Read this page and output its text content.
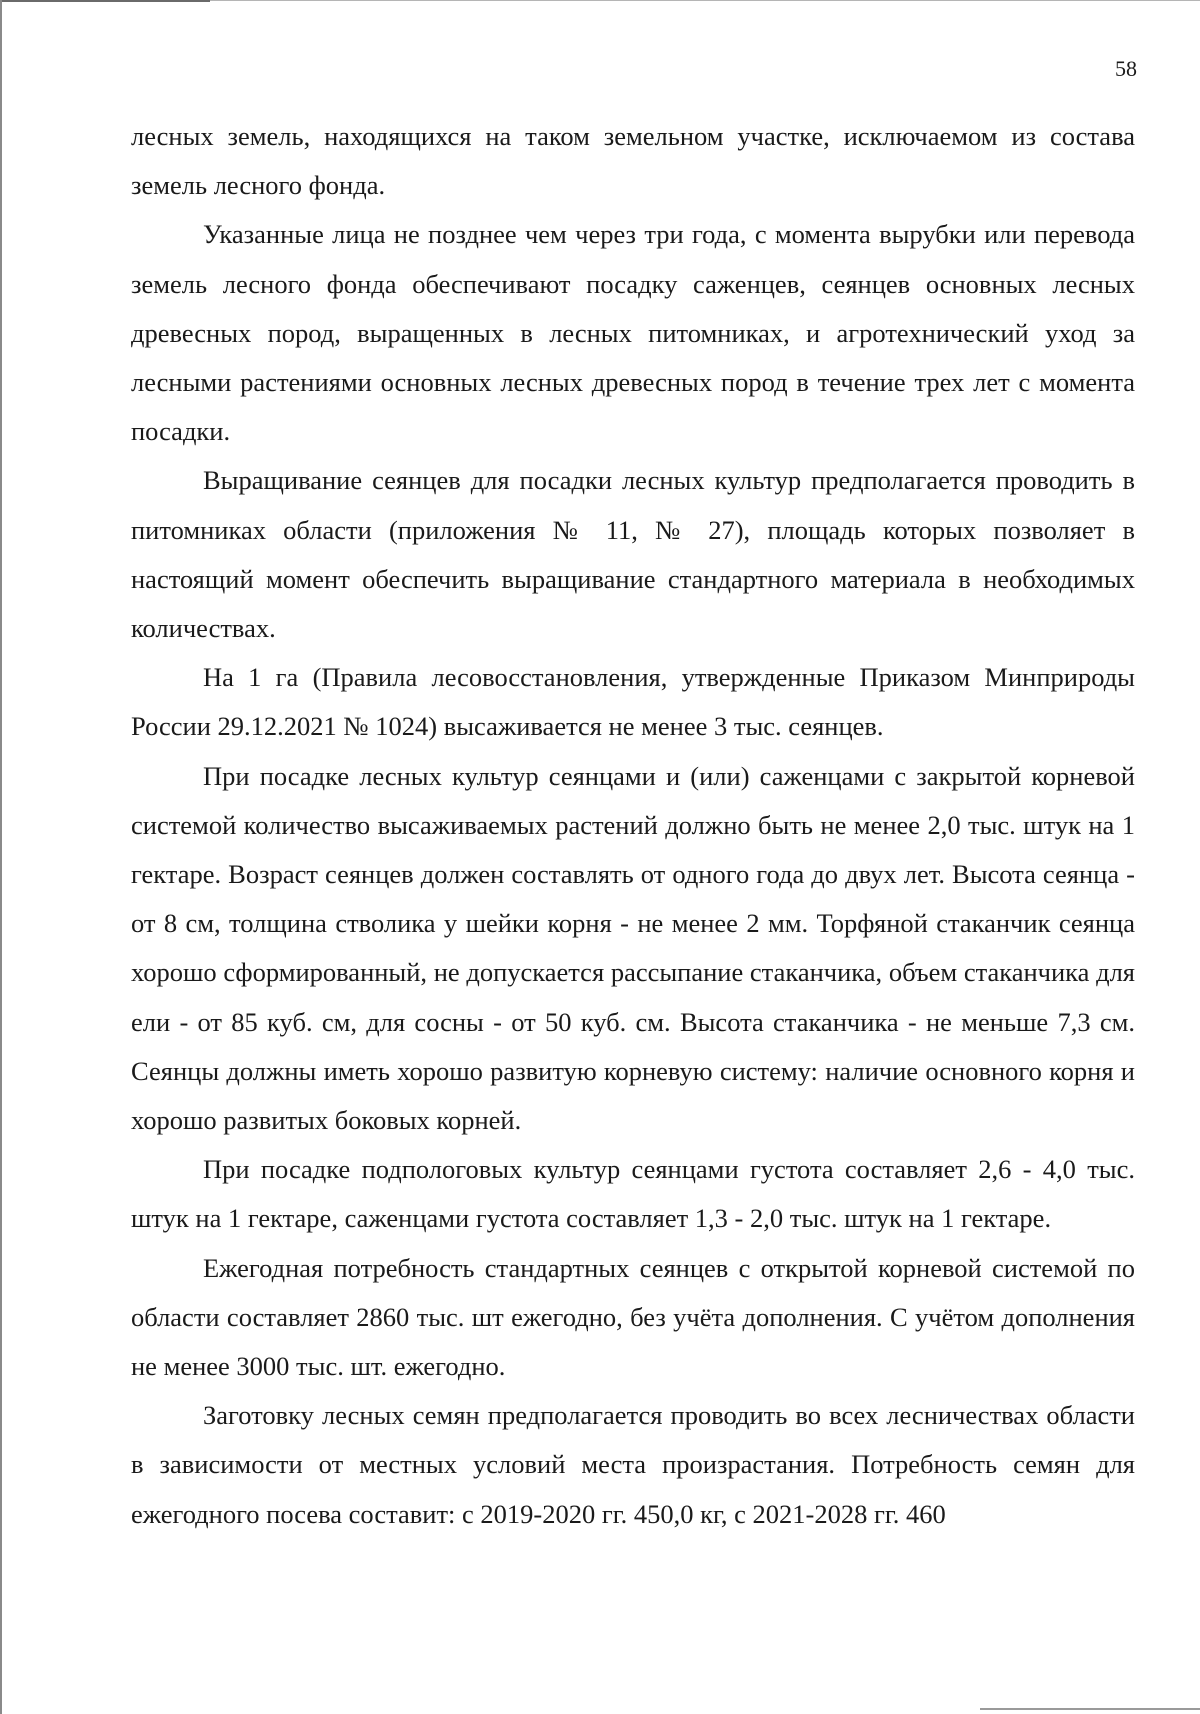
58

лесных земель, находящихся на таком земельном участке, исключаемом из состава земель лесного фонда.

Указанные лица не позднее чем через три года, с момента вырубки или перевода земель лесного фонда обеспечивают посадку саженцев, сеянцев основных лесных древесных пород, выращенных в лесных питомниках, и агротехнический уход за лесными растениями основных лесных древесных пород в течение трех лет с момента посадки.

Выращивание сеянцев для посадки лесных культур предполагается проводить в питомниках области (приложения № 11, № 27), площадь которых позволяет в настоящий момент обеспечить выращивание стандартного материала в необходимых количествах.

На 1 га (Правила лесовосстановления, утвержденные Приказом Минприроды России 29.12.2021 № 1024) высаживается не менее 3 тыс. сеянцев.

При посадке лесных культур сеянцами и (или) саженцами с закрытой корневой системой количество высаживаемых растений должно быть не менее 2,0 тыс. штук на 1 гектаре. Возраст сеянцев должен составлять от одного года до двух лет. Высота сеянца - от 8 см, толщина стволика у шейки корня - не менее 2 мм. Торфяной стаканчик сеянца хорошо сформированный, не допускается рассыпание стаканчика, объем стаканчика для ели - от 85 куб. см, для сосны - от 50 куб. см. Высота стаканчика - не меньше 7,3 см. Сеянцы должны иметь хорошо развитую корневую систему: наличие основного корня и хорошо развитых боковых корней.

При посадке подпологовых культур сеянцами густота составляет 2,6 - 4,0 тыс. штук на 1 гектаре, саженцами густота составляет 1,3 - 2,0 тыс. штук на 1 гектаре.

Ежегодная потребность стандартных сеянцев с открытой корневой системой по области составляет 2860 тыс. шт ежегодно, без учёта дополнения. С учётом дополнения не менее 3000 тыс. шт. ежегодно.

Заготовку лесных семян предполагается проводить во всех лесничествах области в зависимости от местных условий места произрастания. Потребность семян для ежегодного посева составит: с 2019-2020 гг. 450,0 кг, с 2021-2028 гг. 460
